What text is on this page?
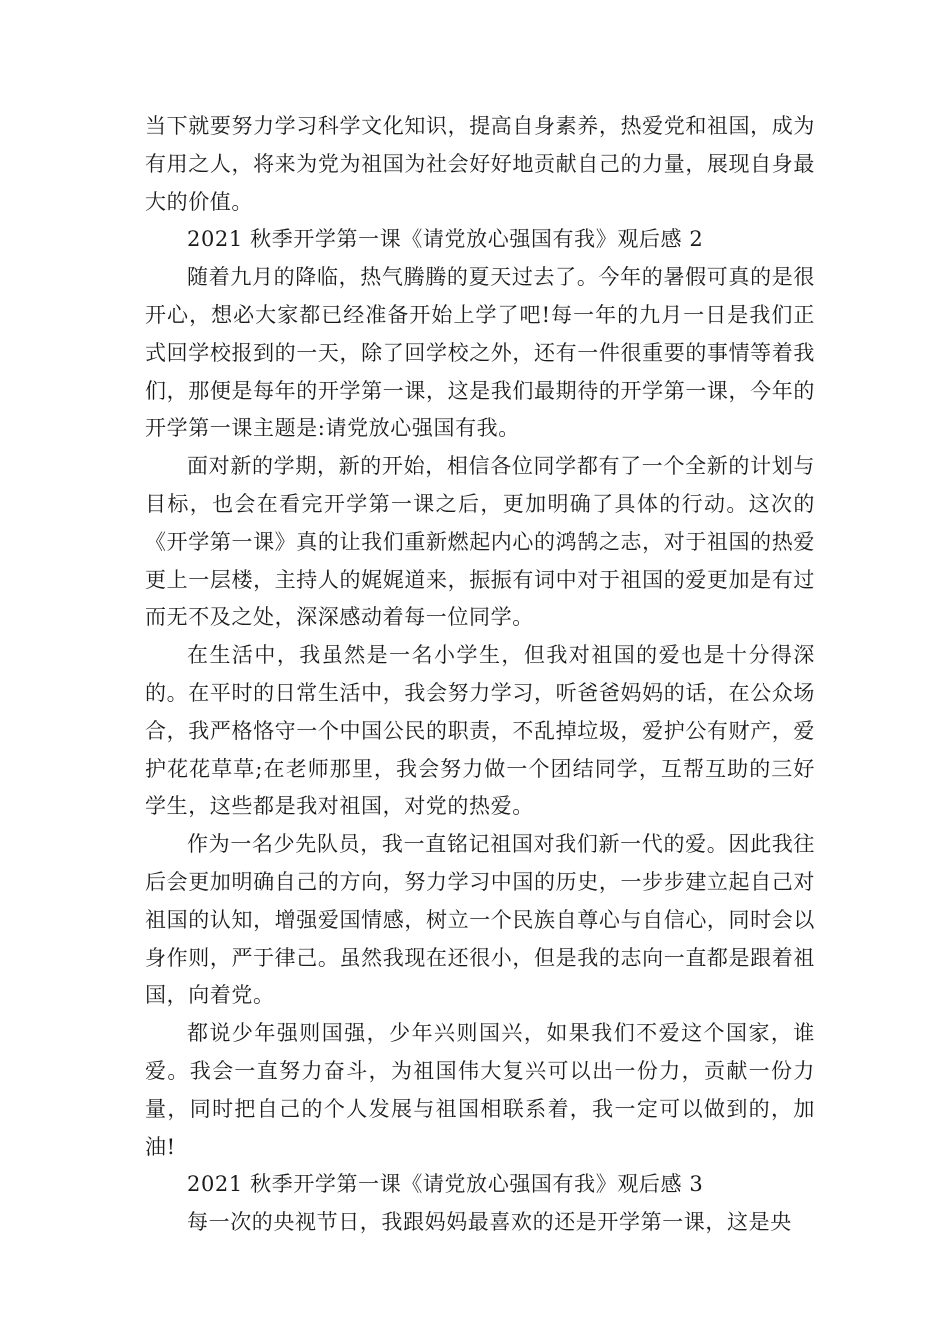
当下就要努力学习科学文化知识，提高自身素养，热爱党和祖国，成为有用之人，将来为党为祖国为社会好好地贡献自己的力量，展现自身最大的价值。

2021 秋季开学第一课《请党放心强国有我》观后感 2

随着九月的降临，热气腾腾的夏天过去了。今年的暑假可真的是很开心，想必大家都已经准备开始上学了吧!每一年的九月一日是我们正式回学校报到的一天，除了回学校之外，还有一件很重要的事情等着我们，那便是每年的开学第一课，这是我们最期待的开学第一课，今年的开学第一课主题是:请党放心强国有我。

面对新的学期，新的开始，相信各位同学都有了一个全新的计划与目标，也会在看完开学第一课之后，更加明确了具体的行动。这次的《开学第一课》真的让我们重新燃起内心的鸿鹄之志，对于祖国的热爱更上一层楼，主持人的娓娓道来，振振有词中对于祖国的爱更加是有过而无不及之处，深深感动着每一位同学。

在生活中，我虽然是一名小学生，但我对祖国的爱也是十分得深的。在平时的日常生活中，我会努力学习，听爸爸妈妈的话，在公众场合，我严格恪守一个中国公民的职责，不乱掉垃圾，爱护公有财产，爱护花花草草;在老师那里，我会努力做一个团结同学，互帮互助的三好学生，这些都是我对祖国，对党的热爱。

作为一名少先队员，我一直铭记祖国对我们新一代的爱。因此我往后会更加明确自己的方向，努力学习中国的历史，一步步建立起自己对祖国的认知，增强爱国情感，树立一个民族自尊心与自信心，同时会以身作则，严于律己。虽然我现在还很小，但是我的志向一直都是跟着祖国，向着党。

都说少年强则国强，少年兴则国兴，如果我们不爱这个国家，谁爱。我会一直努力奋斗，为祖国伟大复兴可以出一份力，贡献一份力量，同时把自己的个人发展与祖国相联系着，我一定可以做到的，加油!

2021 秋季开学第一课《请党放心强国有我》观后感 3

每一次的央视节日，我跟妈妈最喜欢的还是开学第一课，这是央
